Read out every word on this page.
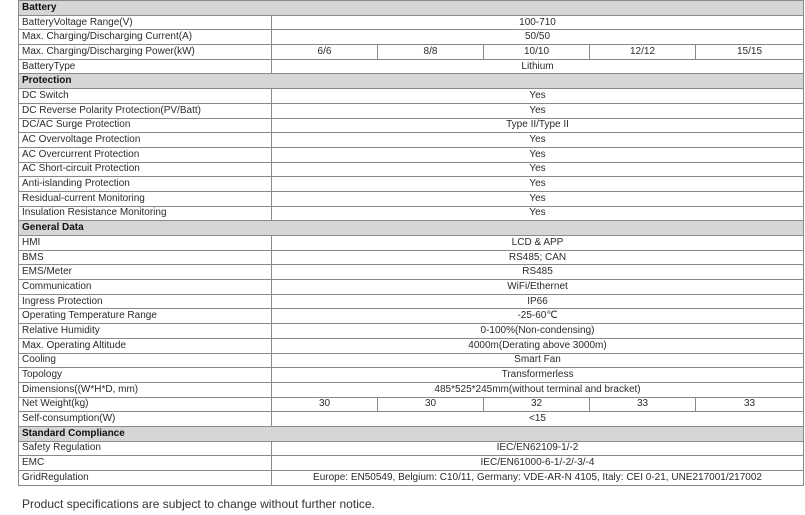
Battery					
BatteryVoltage Range(V)	100-710				
Max. Charging/Discharging Current(A)	50/50				
Max. Charging/Discharging Power(kW)	6/6	8/8	10/10	12/12	15/15
BatteryType	Lithium				
Protection					
DC Switch	Yes				
DC Reverse Polarity Protection(PV/Batt)	Yes				
DC/AC Surge Protection	Type II/Type II				
AC Overvoltage Protection	Yes				
AC Overcurrent Protection	Yes				
AC Short-circuit Protection	Yes				
Anti-islanding Protection	Yes				
Residual-current Monitoring	Yes				
Insulation Resistance Monitoring	Yes				
General Data					
HMI	LCD & APP				
BMS	RS485; CAN				
EMS/Meter	RS485				
Communication	WiFi/Ethernet				
Ingress Protection	IP66				
Operating Temperature Range	-25-60℃				
Relative Humidity	0-100%(Non-condensing)				
Max. Operating Altitude	4000m(Derating above 3000m)				
Cooling	Smart Fan				
Topology	Transformerless				
Dimensions((W*H*D, mm)	485*525*245mm(without terminal and bracket)				
Net Weight(kg)	30	30	32	33	33
Self-consumption(W)	<15				
Standard Compliance					
Safety Regulation	IEC/EN62109-1/-2				
EMC	IEC/EN61000-6-1/-2/-3/-4				
GridRegulation	Europe: EN50549, Belgium: C10/11, Germany: VDE-AR-N 4105, Italy: CEI 0-21, UNE217001/217002				
Product specifications are subject to change without further notice.
